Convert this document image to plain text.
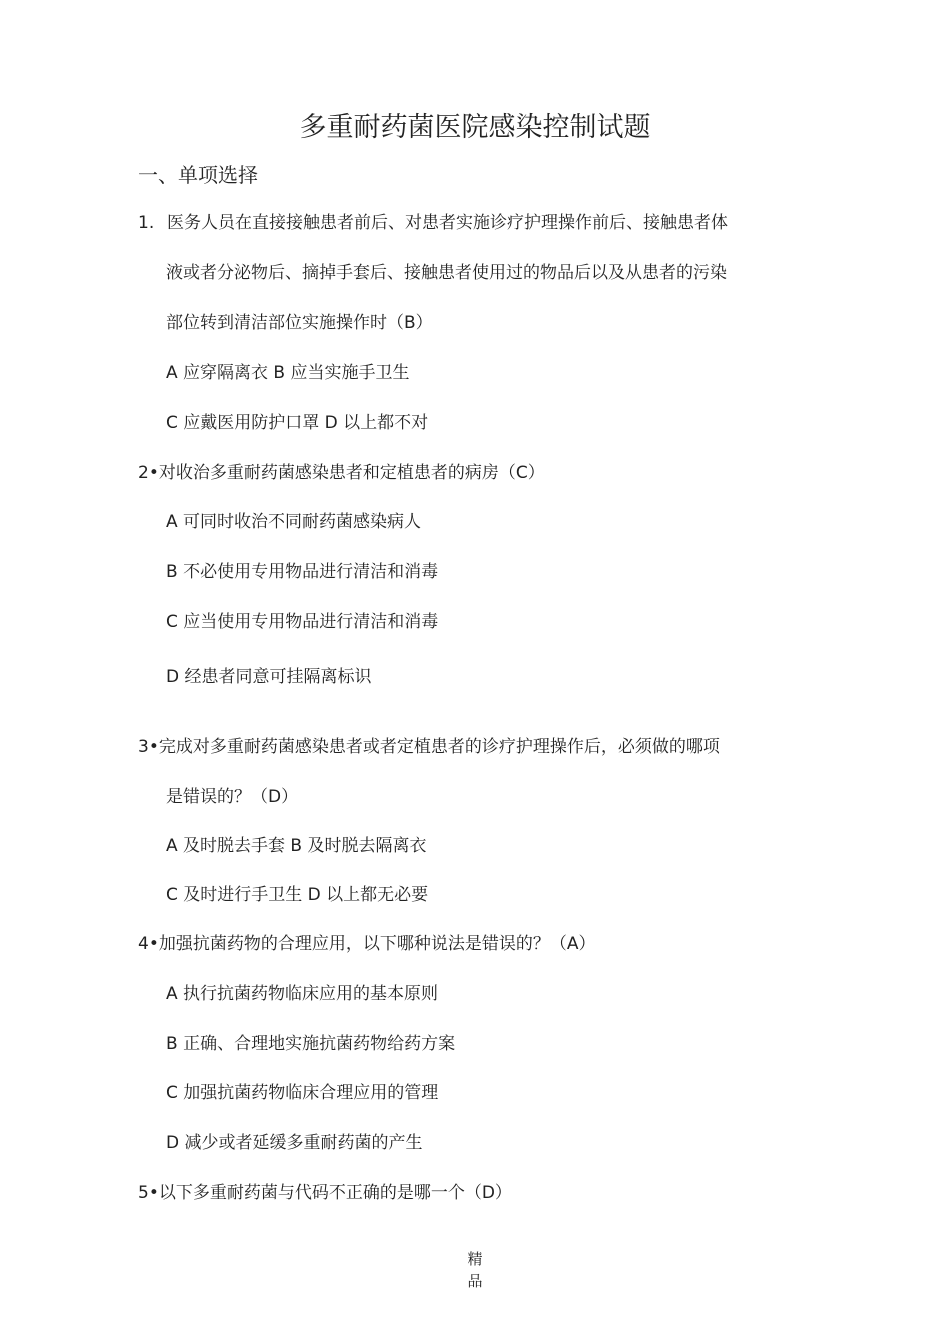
多重耐药菌医院感染控制试题
一、单项选择
1. 医务人员在直接接触患者前后、对患者实施诊疗护理操作前后、接触患者体
液或者分泌物后、摘掉手套后、接触患者使用过的物品后以及从患者的污染
部位转到清洁部位实施操作时（B）
A 应穿隔离衣 B 应当实施手卫生
C 应戴医用防护口罩 D 以上都不对
2•对收治多重耐药菌感染患者和定植患者的病房（C）
A 可同时收治不同耐药菌感染病人
B 不必使用专用物品进行清洁和消毒
C 应当使用专用物品进行清洁和消毒
D 经患者同意可挂隔离标识
3•完成对多重耐药菌感染患者或者定植患者的诊疗护理操作后，必须做的哪项
是错误的？（D）
A 及时脱去手套 B 及时脱去隔离衣
C 及时进行手卫生 D 以上都无必要
4•加强抗菌药物的合理应用，以下哪种说法是错误的？（A）
A 执行抗菌药物临床应用的基本原则
B 正确、合理地实施抗菌药物给药方案
C 加强抗菌药物临床合理应用的管理
D 减少或者延缓多重耐药菌的产生
5•以下多重耐药菌与代码不正确的是哪一个（D）
精
品
